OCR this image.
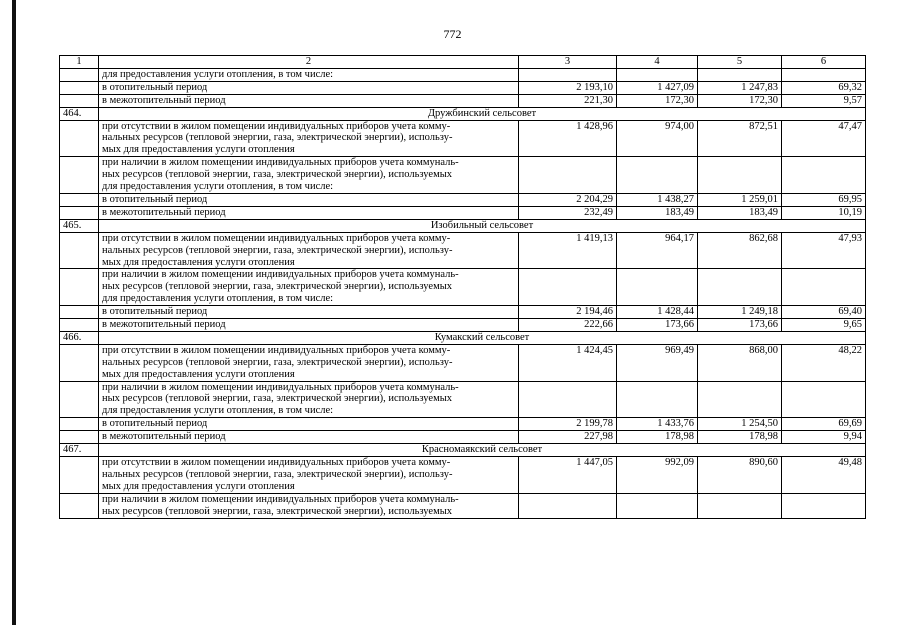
772
1	2	3	4	5	6

	для предоставления услуги отопления, в том числе:				

	в отопительный период	2 193,10	1 427,09	1 247,83	69,32

	в межотопительный период	221,30	172,30	172,30	9,57
464.	Дружбинский сельсовет				

	при отсутствии в жилом помещении индивидуальных приборов учета комму-
нальных ресурсов (тепловой энергии, газа, электрической энергии), использу-
мых для предоставления услуги отопления	1 428,96	974,00	872,51	47,47

	при наличии в жилом помещении индивидуальных приборов учета коммуналь-
ных ресурсов (тепловой энергии, газа, электрической энергии), используемых
для предоставления услуги отопления, в том числе:				

	в отопительный период	2 204,29	1 438,27	1 259,01	69,95

	в межотопительный период	232,49	183,49	183,49	10,19
465.	Изобильный сельсовет				

	при отсутствии в жилом помещении индивидуальных приборов учета комму-
нальных ресурсов (тепловой энергии, газа, электрической энергии), использу-
мых для предоставления услуги отопления	1 419,13	964,17	862,68	47,93

	при наличии в жилом помещении индивидуальных приборов учета коммуналь-
ных ресурсов (тепловой энергии, газа, электрической энергии), используемых
для предоставления услуги отопления, в том числе:				

	в отопительный период	2 194,46	1 428,44	1 249,18	69,40

	в межотопительный период	222,66	173,66	173,66	9,65
466.	Кумакский сельсовет				

	при отсутствии в жилом помещении индивидуальных приборов учета комму-
нальных ресурсов (тепловой энергии, газа, электрической энергии), использу-
мых для предоставления услуги отопления	1 424,45	969,49	868,00	48,22

	при наличии в жилом помещении индивидуальных приборов учета коммуналь-
ных ресурсов (тепловой энергии, газа, электрической энергии), используемых
для предоставления услуги отопления, в том числе:				

	в отопительный период	2 199,78	1 433,76	1 254,50	69,69

	в межотопительный период	227,98	178,98	178,98	9,94
467.	Красномаякский сельсовет				

	при отсутствии в жилом помещении индивидуальных приборов учета комму-
нальных ресурсов (тепловой энергии, газа, электрической энергии), использу-
мых для предоставления услуги отопления	1 447,05	992,09	890,60	49,48

	при наличии в жилом помещении индивидуальных приборов учета коммуналь-
ных ресурсов (тепловой энергии, газа, электрической энергии), используемых				
